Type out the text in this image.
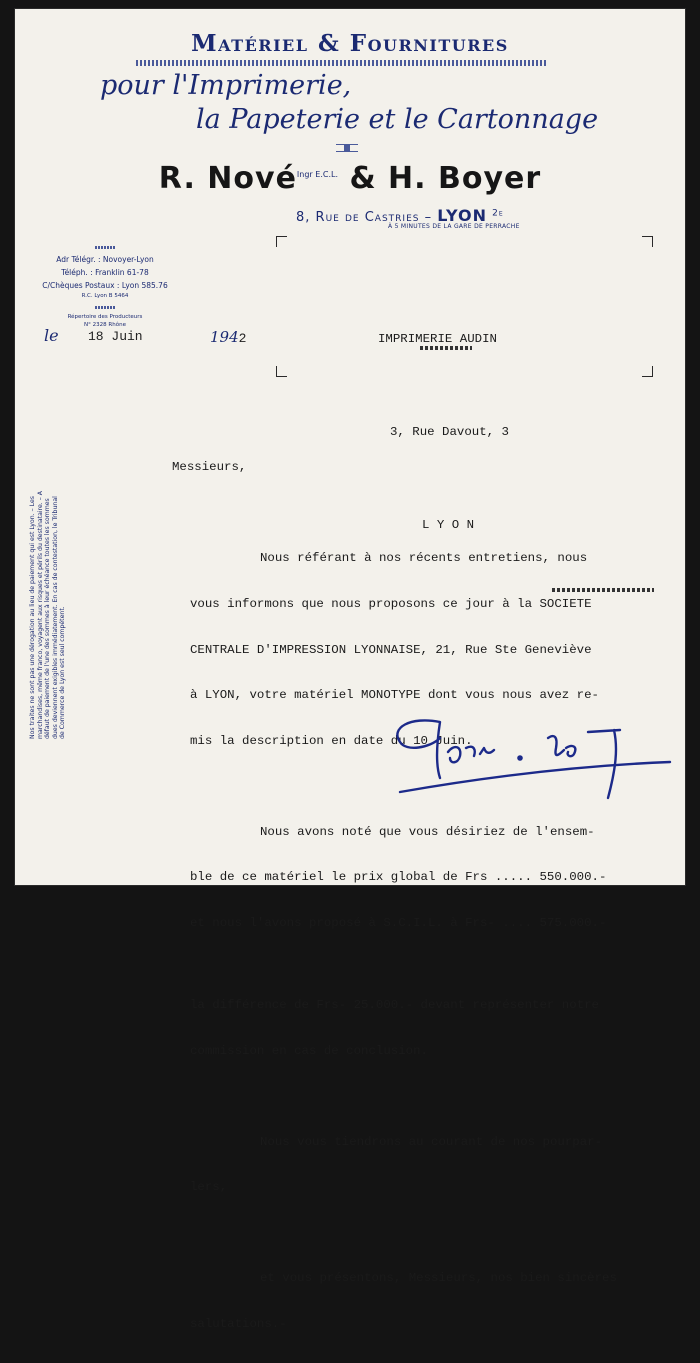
Matériel & Fournitures
pour l'Imprimerie,
la Papeterie et le Cartonnage
R. Nové$^{Ingr E.C.L.}$ & H. Boyer
8, Rue de Castries – LYON $^{2e}$
À 5 MINUTES DE LA GARE DE PERRACHE
Adr Télégr. : Novoyer-Lyon
Téléph. : Franklin 61-78
C/Chèques Postaux : Lyon 585.76
R.C. Lyon B 5464
Répertoire des Producteurs
N° 2328 Rhône
le 18 Juin	1942

	IMPRIMERIE AUDIN

3, Rue Davout, 3

L Y O N

Messieurs,

Nous référant à nos récents entretiens, nous

vous informons que nous proposons ce jour à la SOCIETE

CENTRALE D'IMPRESSION LYONNAISE, 21, Rue Ste Geneviève

à LYON, votre matériel MONOTYPE dont vous nous avez re-

mis la description en date du 10 Juin.

Nous avons noté que vous désiriez de l'ensem-

ble de ce matériel le prix global de Frs ..... 550.000.-

et nous l'avons proposé à S.C.I.L. à Frs- .... 575.000.-

la différence de Frs- 25.000.- devant représenter notre

commission en cas de conclusion.

Nous vous tiendrons au courant de nos pourpar-

lers,

et vous présentons, Messieurs, nos bien sincères

salutations.-

Nos traites ne sont pas une dérogation au lieu de paiement qui est Lyon. – Les marchandises, même franco, voyagent aux risques et périls du destinataire. – A défaut de paiement de l'une des sommes à leur échéance toutes les sommes dues deviennent exigibles immédiatement. En cas de contestation, le Tribunal de Commerce de Lyon est seul compétent.
